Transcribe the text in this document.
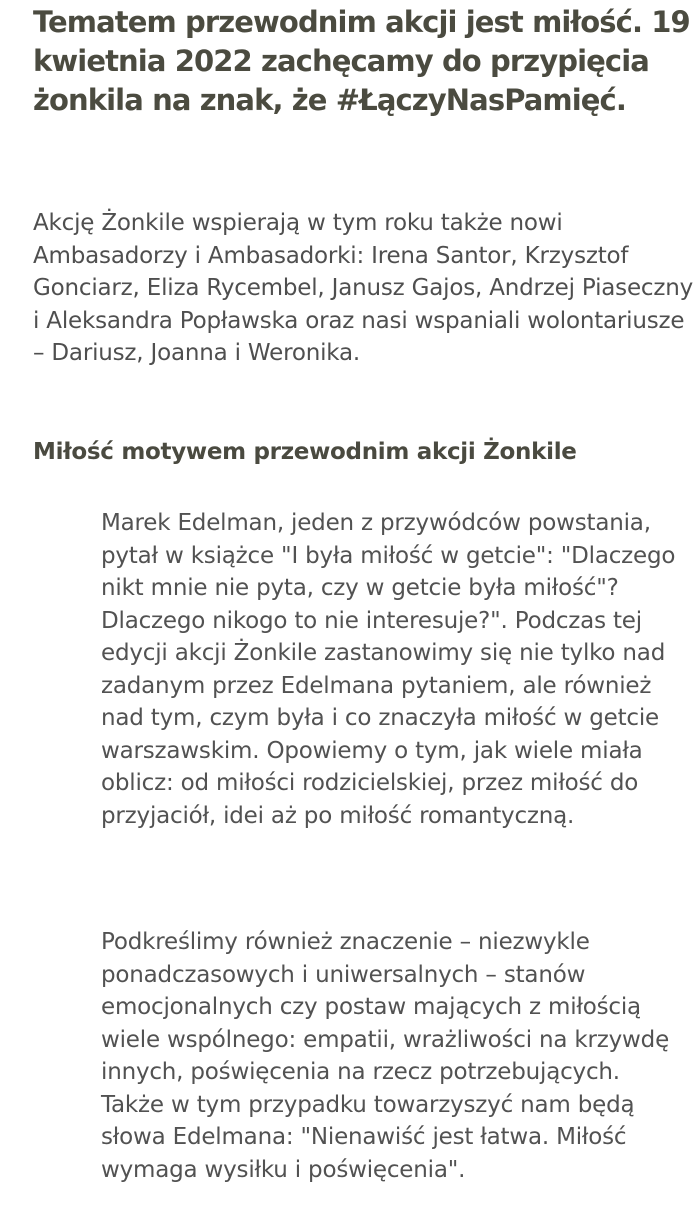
Tematem przewodnim akcji jest miłość. 19 kwietnia 2022 zachęcamy do przypięcia żonkila na znak, że #ŁączyNasPamięć.

Akcję Żonkile wspierają w tym roku także nowi Ambasadorzy i Ambasadorki: Irena Santor, Krzysztof Gonciarz, Eliza Rycembel, Janusz Gajos, Andrzej Piaseczny i Aleksandra Popławska oraz nasi wspaniali wolontariusze – Dariusz, Joanna i Weronika.

Miłość motywem przewodnim akcji Żonkile

Marek Edelman, jeden z przywódców powstania, pytał w książce "I była miłość w getcie": "Dlaczego nikt mnie nie pyta, czy w getcie była miłość"? Dlaczego nikogo to nie interesuje?". Podczas tej edycji akcji Żonkile zastanowimy się nie tylko nad zadanym przez Edelmana pytaniem, ale również nad tym, czym była i co znaczyła miłość w getcie warszawskim. Opowiemy o tym, jak wiele miała oblicz: od miłości rodzicielskiej, przez miłość do przyjaciół, idei aż po miłość romantyczną.

Podkreślimy również znaczenie – niezwykle ponadczasowych i uniwersalnych – stanów emocjonalnych czy postaw mających z miłością wiele wspólnego: empatii, wrażliwości na krzywdę innych, poświęcenia na rzecz potrzebujących. Także w tym przypadku towarzyszyć nam będą słowa Edelmana: "Nienawiść jest łatwa. Miłość wymaga wysiłku i poświęcenia".
